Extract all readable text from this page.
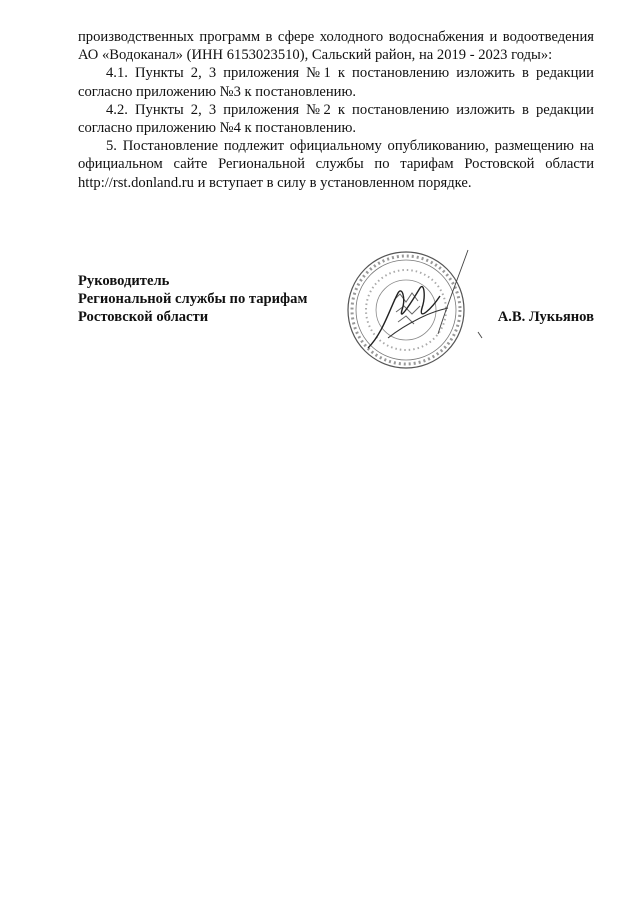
производственных программ в сфере холодного водоснабжения и водоотведения АО «Водоканал» (ИНН 6153023510), Сальский район, на 2019 - 2023 годы»:

4.1. Пункты 2, 3 приложения №1 к постановлению изложить в редакции согласно приложению №3 к постановлению.

4.2. Пункты 2, 3 приложения №2 к постановлению изложить в редакции согласно приложению №4 к постановлению.

5. Постановление подлежит официальному опубликованию, размещению на официальном сайте Региональной службы по тарифам Ростовской области http://rst.donland.ru и вступает в силу в установленном порядке.

Руководитель
Региональной службы по тарифам
Ростовской области	А.В. Лукьянов
